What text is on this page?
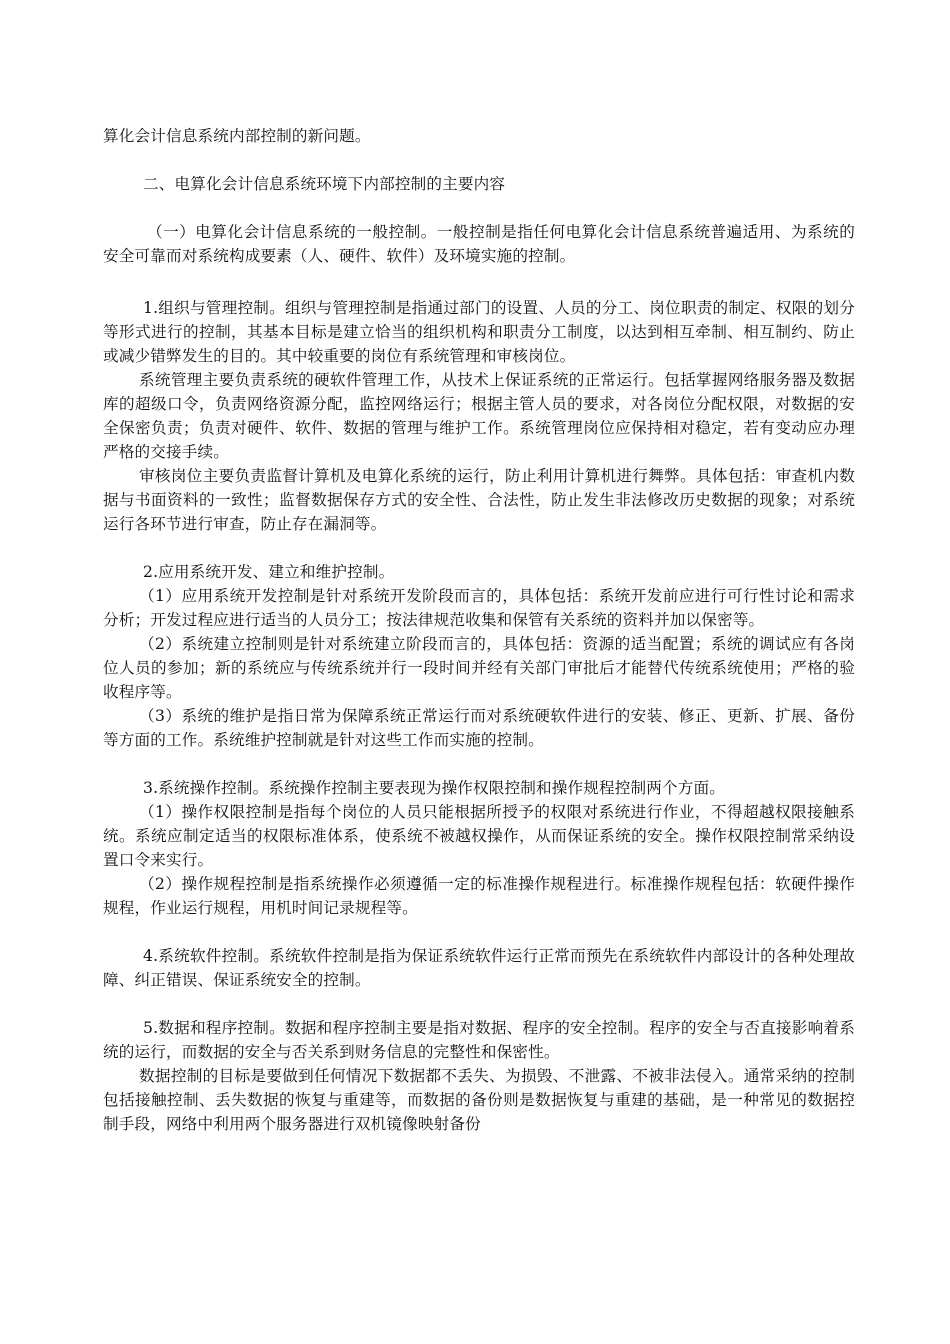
算化会计信息系统内部控制的新问题。

二、电算化会计信息系统环境下内部控制的主要内容

（一）电算化会计信息系统的一般控制。一般控制是指任何电算化会计信息系统普遍适用、为系统的安全可靠而对系统构成要素（人、硬件、软件）及环境实施的控制。

1.组织与管理控制。组织与管理控制是指通过部门的设置、人员的分工、岗位职责的制定、权限的划分等形式进行的控制，其基本目标是建立恰当的组织机构和职责分工制度，以达到相互牵制、相互制约、防止或减少错弊发生的目的。其中较重要的岗位有系统管理和审核岗位。

系统管理主要负责系统的硬软件管理工作，从技术上保证系统的正常运行。包括掌握网络服务器及数据库的超级口令，负责网络资源分配，监控网络运行；根据主管人员的要求，对各岗位分配权限，对数据的安全保密负责；负责对硬件、软件、数据的管理与维护工作。系统管理岗位应保持相对稳定，若有变动应办理严格的交接手续。

审核岗位主要负责监督计算机及电算化系统的运行，防止利用计算机进行舞弊。具体包括：审查机内数据与书面资料的一致性；监督数据保存方式的安全性、合法性，防止发生非法修改历史数据的现象；对系统运行各环节进行审查，防止存在漏洞等。

2.应用系统开发、建立和维护控制。

（1）应用系统开发控制是针对系统开发阶段而言的，具体包括：系统开发前应进行可行性讨论和需求分析；开发过程应进行适当的人员分工；按法律规范收集和保管有关系统的资料并加以保密等。

（2）系统建立控制则是针对系统建立阶段而言的，具体包括：资源的适当配置；系统的调试应有各岗位人员的参加；新的系统应与传统系统并行一段时间并经有关部门审批后才能替代传统系统使用；严格的验收程序等。

（3）系统的维护是指日常为保障系统正常运行而对系统硬软件进行的安装、修正、更新、扩展、备份等方面的工作。系统维护控制就是针对这些工作而实施的控制。

3.系统操作控制。系统操作控制主要表现为操作权限控制和操作规程控制两个方面。

（1）操作权限控制是指每个岗位的人员只能根据所授予的权限对系统进行作业，不得超越权限接触系统。系统应制定适当的权限标准体系，使系统不被越权操作，从而保证系统的安全。操作权限控制常采纳设置口令来实行。

（2）操作规程控制是指系统操作必须遵循一定的标准操作规程进行。标准操作规程包括：软硬件操作规程，作业运行规程，用机时间记录规程等。

4.系统软件控制。系统软件控制是指为保证系统软件运行正常而预先在系统软件内部设计的各种处理故障、纠正错误、保证系统安全的控制。

5.数据和程序控制。数据和程序控制主要是指对数据、程序的安全控制。程序的安全与否直接影响着系统的运行，而数据的安全与否关系到财务信息的完整性和保密性。

数据控制的目标是要做到任何情况下数据都不丢失、为损毁、不泄露、不被非法侵入。通常采纳的控制包括接触控制、丢失数据的恢复与重建等，而数据的备份则是数据恢复与重建的基础，是一种常见的数据控制手段，网络中利用两个服务器进行双机镜像映射备份
